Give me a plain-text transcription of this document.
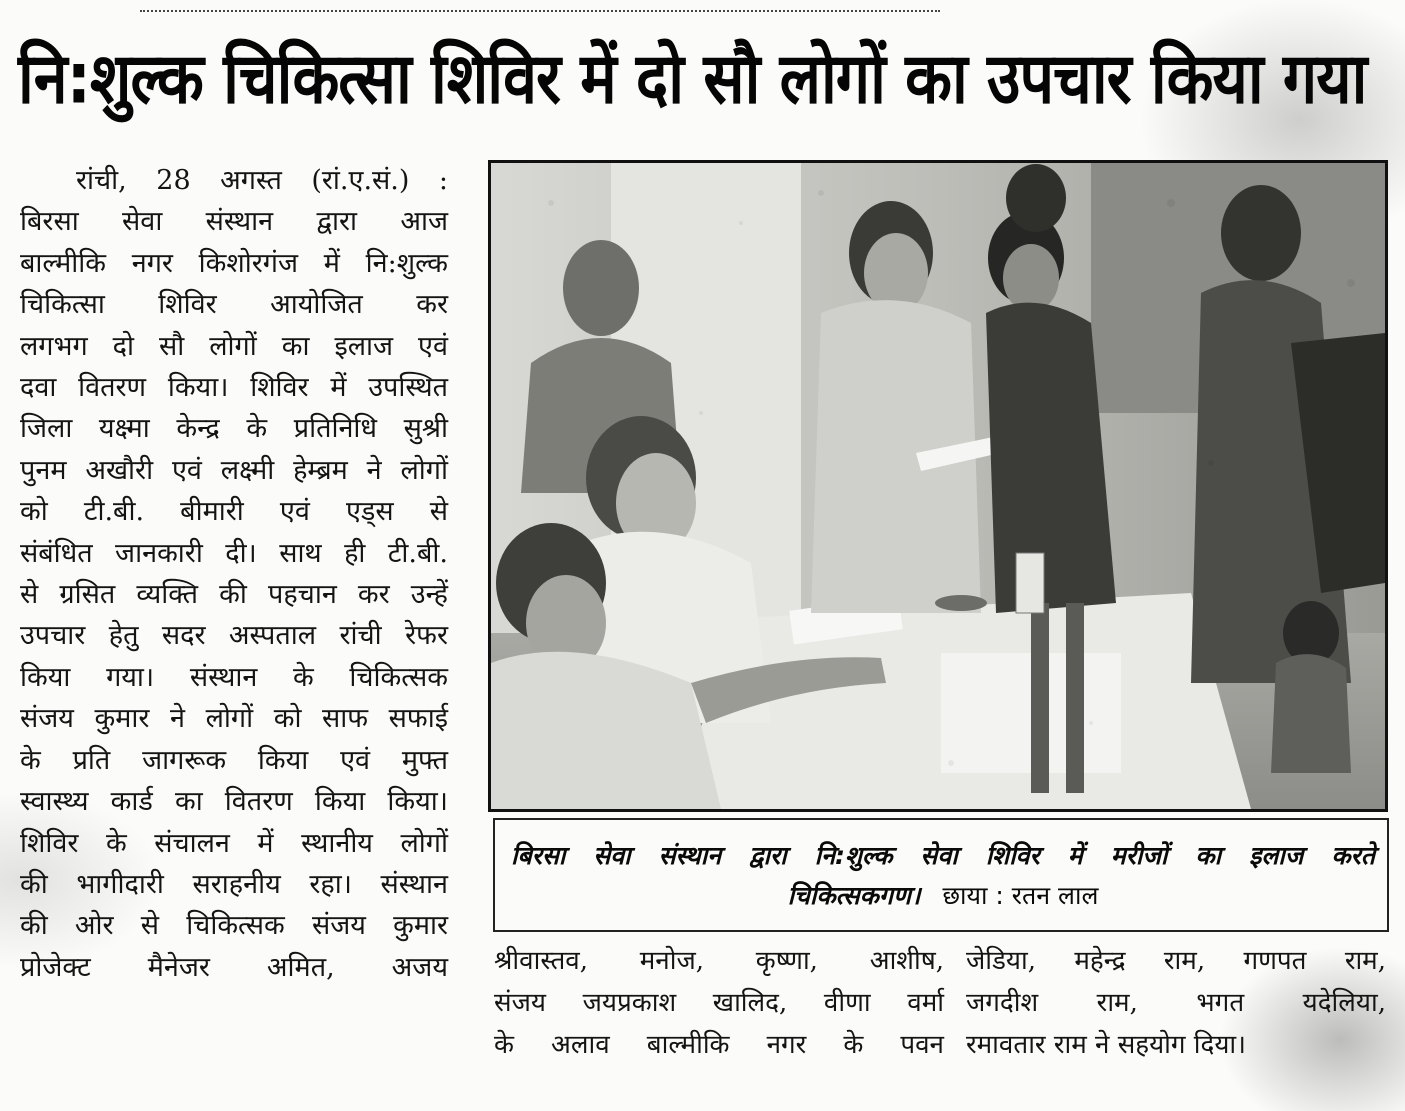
नि:शुल्क चिकित्सा शिविर में दो सौ लोगों का उपचार किया गया
रांची, 28 अगस्त (रां.ए.सं.) :
बिरसा सेवा संस्थान द्वारा आज
बाल्मीकि नगर किशोरगंज में नि:शुल्क
चिकित्सा शिविर आयोजित कर
लगभग दो सौ लोगों का इलाज एवं
दवा वितरण किया। शिविर में उपस्थित
जिला यक्ष्मा केन्द्र के प्रतिनिधि सुश्री
पुनम अखौरी एवं लक्ष्मी हेम्ब्रम ने लोगों
को टी.बी. बीमारी एवं एड्स से
संबंधित जानकारी दी। साथ ही टी.बी.
से ग्रसित व्यक्ति की पहचान कर उन्हें
उपचार हेतु सदर अस्पताल रांची रेफर
किया गया। संस्थान के चिकित्सक
संजय कुमार ने लोगों को साफ सफाई
के प्रति जागरूक किया एवं मुफ्त
स्वास्थ्य कार्ड का वितरण किया किया।
शिविर के संचालन में स्थानीय लोगों
की भागीदारी सराहनीय रहा। संस्थान
की ओर से चिकित्सक संजय कुमार
प्रोजेक्ट मैनेजर अमित, अजय
बिरसा सेवा संस्थान द्वारा नि:शुल्क सेवा शिविर में मरीजों का इलाज करते
चिकित्सकगण। छाया : रतन लाल
श्रीवास्तव, मनोज, कृष्णा, आशीष,
संजय जयप्रकाश खालिद, वीणा वर्मा
के अलाव बाल्मीकि नगर के पवन
जेडिया, महेन्द्र राम, गणपत राम,
जगदीश राम, भगत यदेलिया,
रमावतार राम ने सहयोग दिया।
